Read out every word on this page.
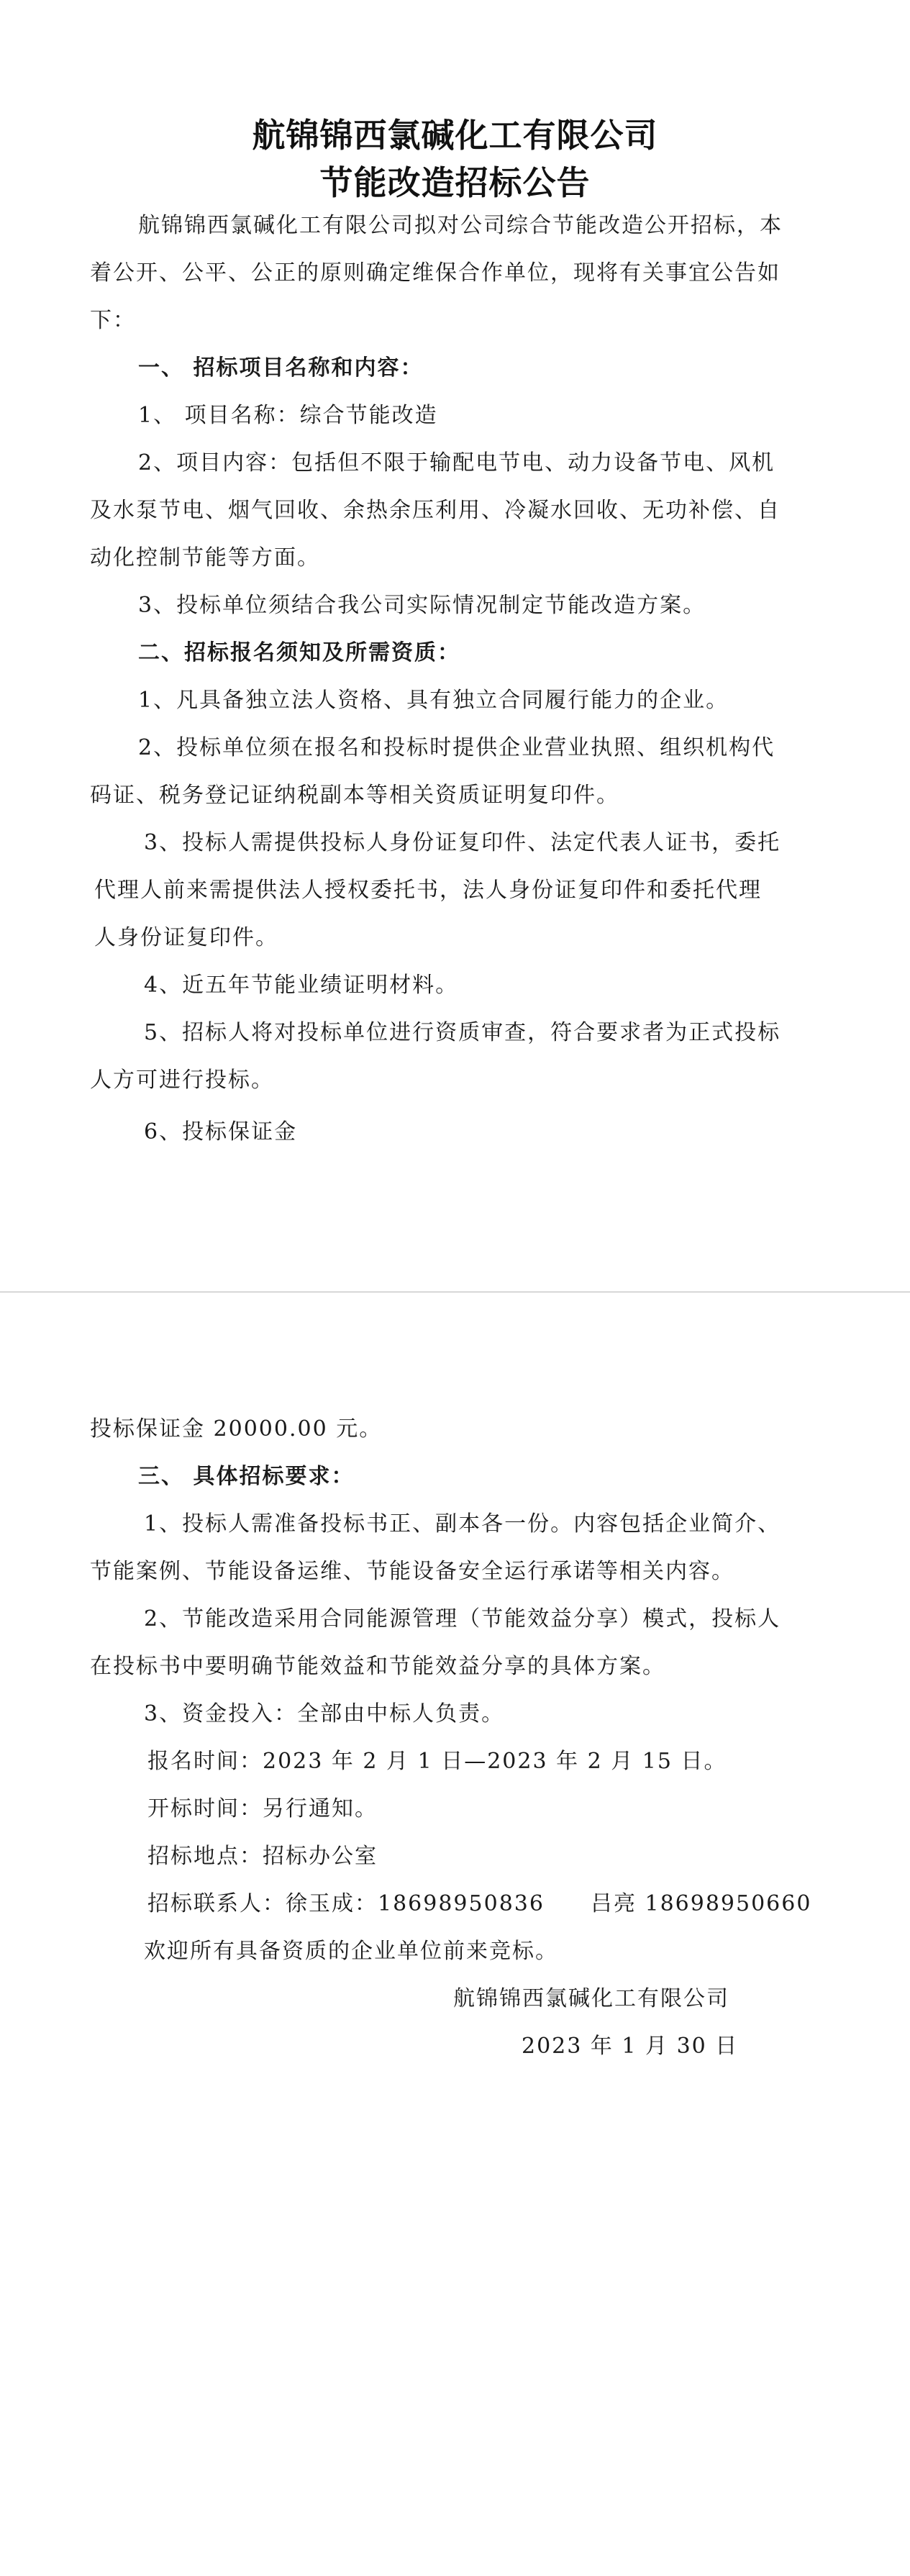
航锦锦西氯碱化工有限公司
节能改造招标公告
航锦锦西氯碱化工有限公司拟对公司综合节能改造公开招标，本
着公开、公平、公正的原则确定维保合作单位，现将有关事宜公告如
下：
一、 招标项目名称和内容：
1、 项目名称：综合节能改造
2、项目内容：包括但不限于输配电节电、动力设备节电、风机
及水泵节电、烟气回收、余热余压利用、冷凝水回收、无功补偿、自
动化控制节能等方面。
3、投标单位须结合我公司实际情况制定节能改造方案。
二、招标报名须知及所需资质：
1、凡具备独立法人资格、具有独立合同履行能力的企业。
2、投标单位须在报名和投标时提供企业营业执照、组织机构代
码证、税务登记证纳税副本等相关资质证明复印件。
3、投标人需提供投标人身份证复印件、法定代表人证书，委托
代理人前来需提供法人授权委托书，法人身份证复印件和委托代理
人身份证复印件。
4、近五年节能业绩证明材料。
5、招标人将对投标单位进行资质审查，符合要求者为正式投标
人方可进行投标。
6、投标保证金
投标保证金 20000.00 元。
三、 具体招标要求：
1、投标人需准备投标书正、副本各一份。内容包括企业简介、
节能案例、节能设备运维、节能设备安全运行承诺等相关内容。
2、节能改造采用合同能源管理（节能效益分享）模式，投标人
在投标书中要明确节能效益和节能效益分享的具体方案。
3、资金投入：全部由中标人负责。
报名时间：2023 年 2 月 1 日—2023 年 2 月 15 日。
开标时间：另行通知。
招标地点：招标办公室
招标联系人：徐玉成：18698950836　　吕亮 18698950660
欢迎所有具备资质的企业单位前来竞标。
航锦锦西氯碱化工有限公司
2023 年 1 月 30 日
